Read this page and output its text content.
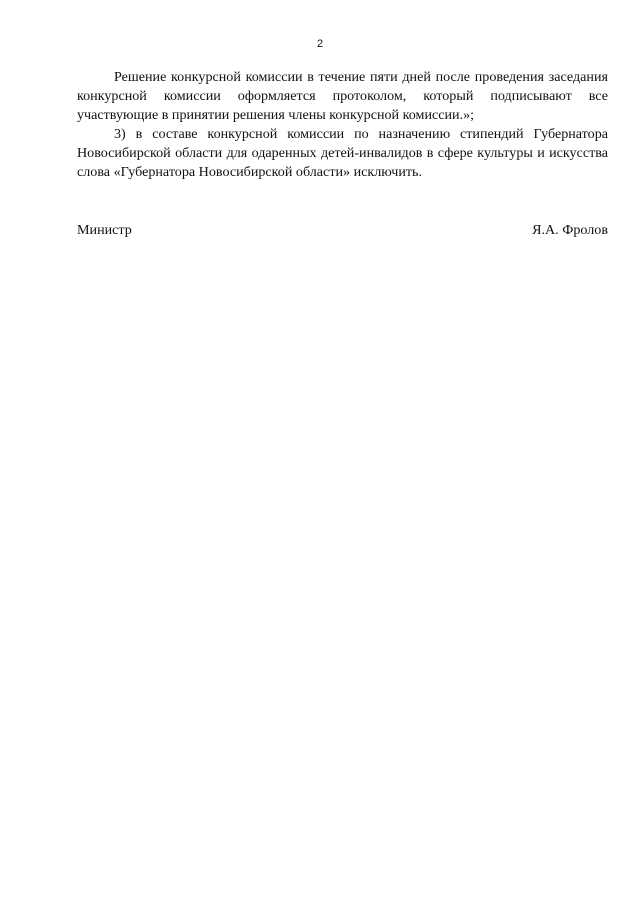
2

Решение конкурсной комиссии в течение пяти дней после проведения заседания конкурсной комиссии оформляется протоколом, который подписывают все участвующие в принятии решения члены конкурсной комиссии.»;

3) в составе конкурсной комиссии по назначению стипендий Губернатора Новосибирской области для одаренных детей-инвалидов в сфере культуры и искусства слова «Губернатора Новосибирской области» исключить.

Министр	Я.А. Фролов
